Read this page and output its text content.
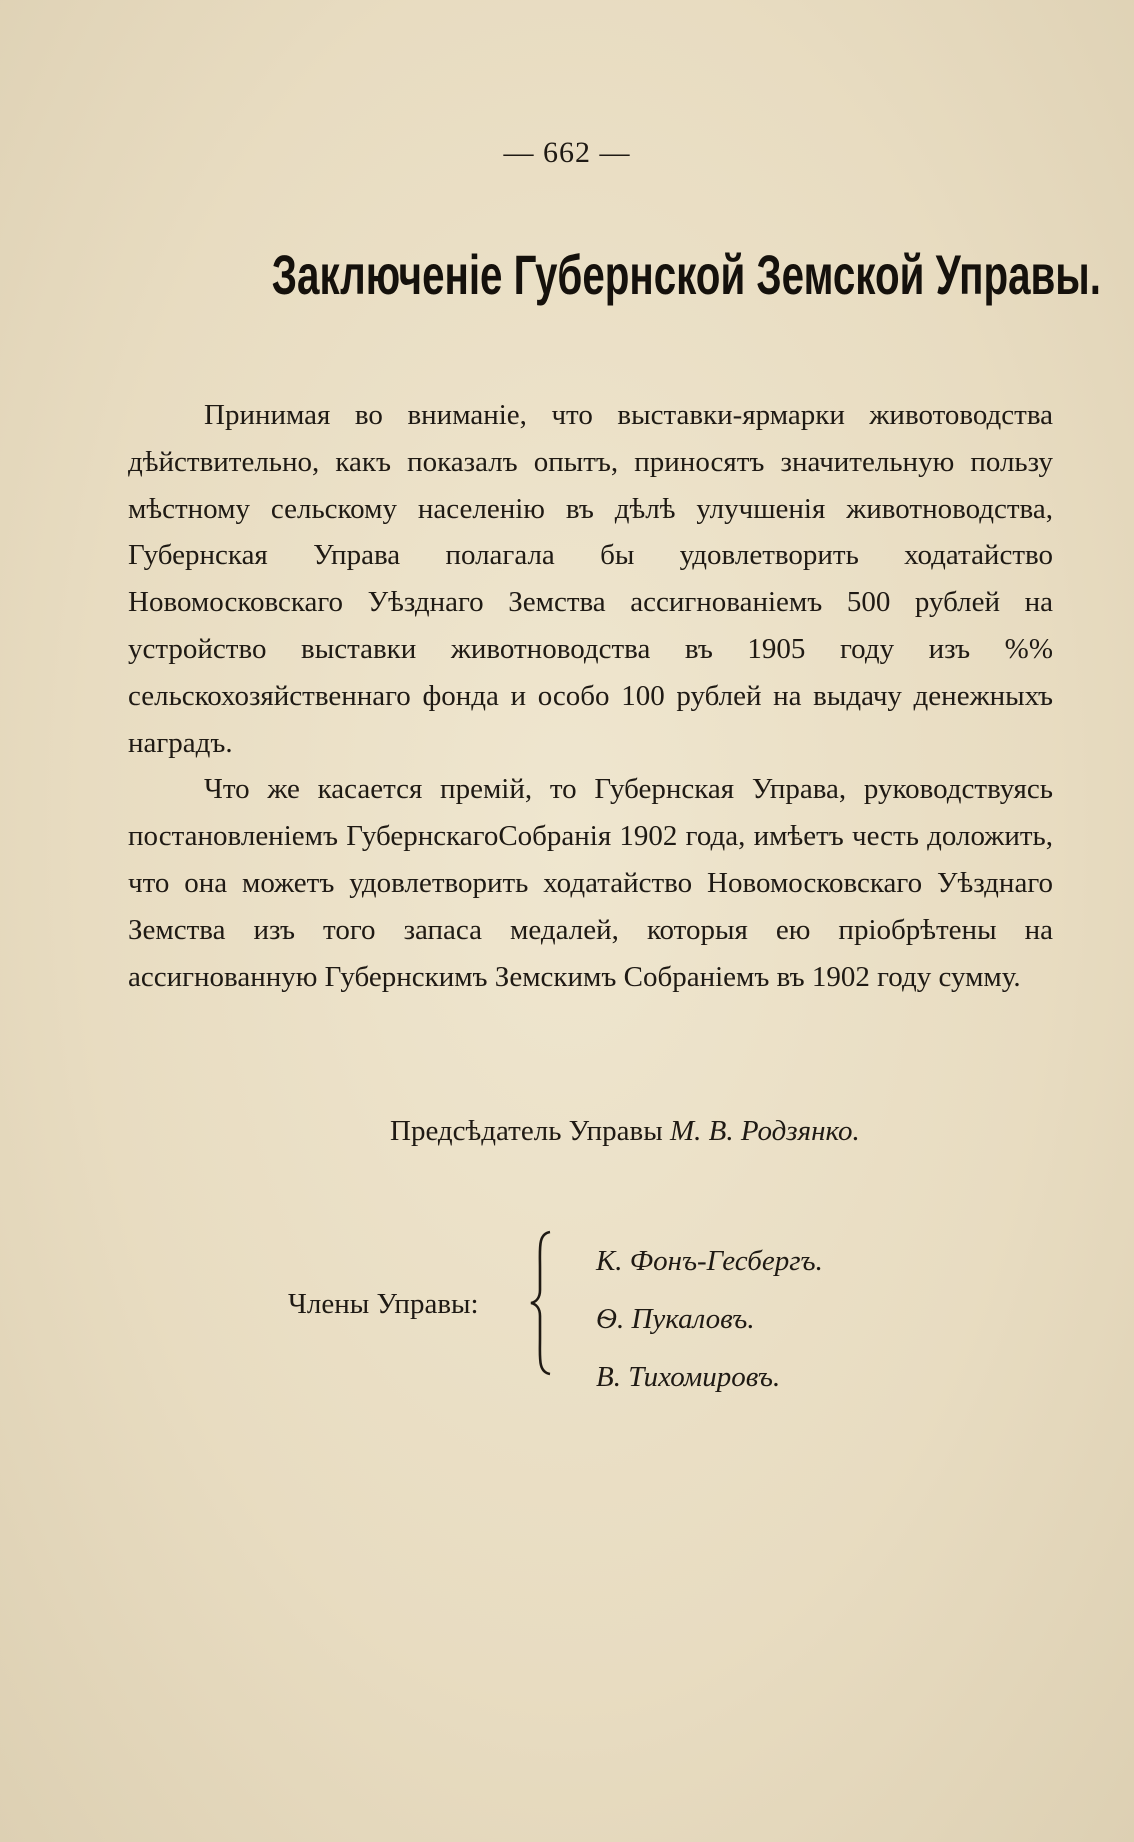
— 662 —
Заключеніе Губернской Земской Управы.

Принимая во вниманіе, что выставки-ярмарки животоводства дѣйствительно, какъ показалъ опытъ, приносятъ значительную пользу мѣстному сельскому населенію въ дѣлѣ улучшенія животноводства, Губернская Управа полагала бы удовлетворить ходатайство Новомосковскаго Уѣзднаго Земства ассигнованіемъ 500 рублей на устройство выставки животноводства въ 1905 году изъ %% сельскохозяйственнаго фонда и особо 100 рублей на выдачу денежныхъ наградъ.

Что же касается премій, то Губернская Управа, руководствуясь постановленіемъ ГубернскагоСобранія 1902 года, имѣетъ честь доложить, что она можетъ удовлетворить ходатайство Новомосковскаго Уѣзднаго Земства изъ того запаса медалей, которыя ею пріобрѣтены на ассигнованную Губернскимъ Земскимъ Собраніемъ въ 1902 году сумму.

Предсѣдатель Управы М. В. Родзянко.
Члены Управы:
К. Фонъ-Гесбергъ.
Ѳ. Пукаловъ.
В. Тихомировъ.
